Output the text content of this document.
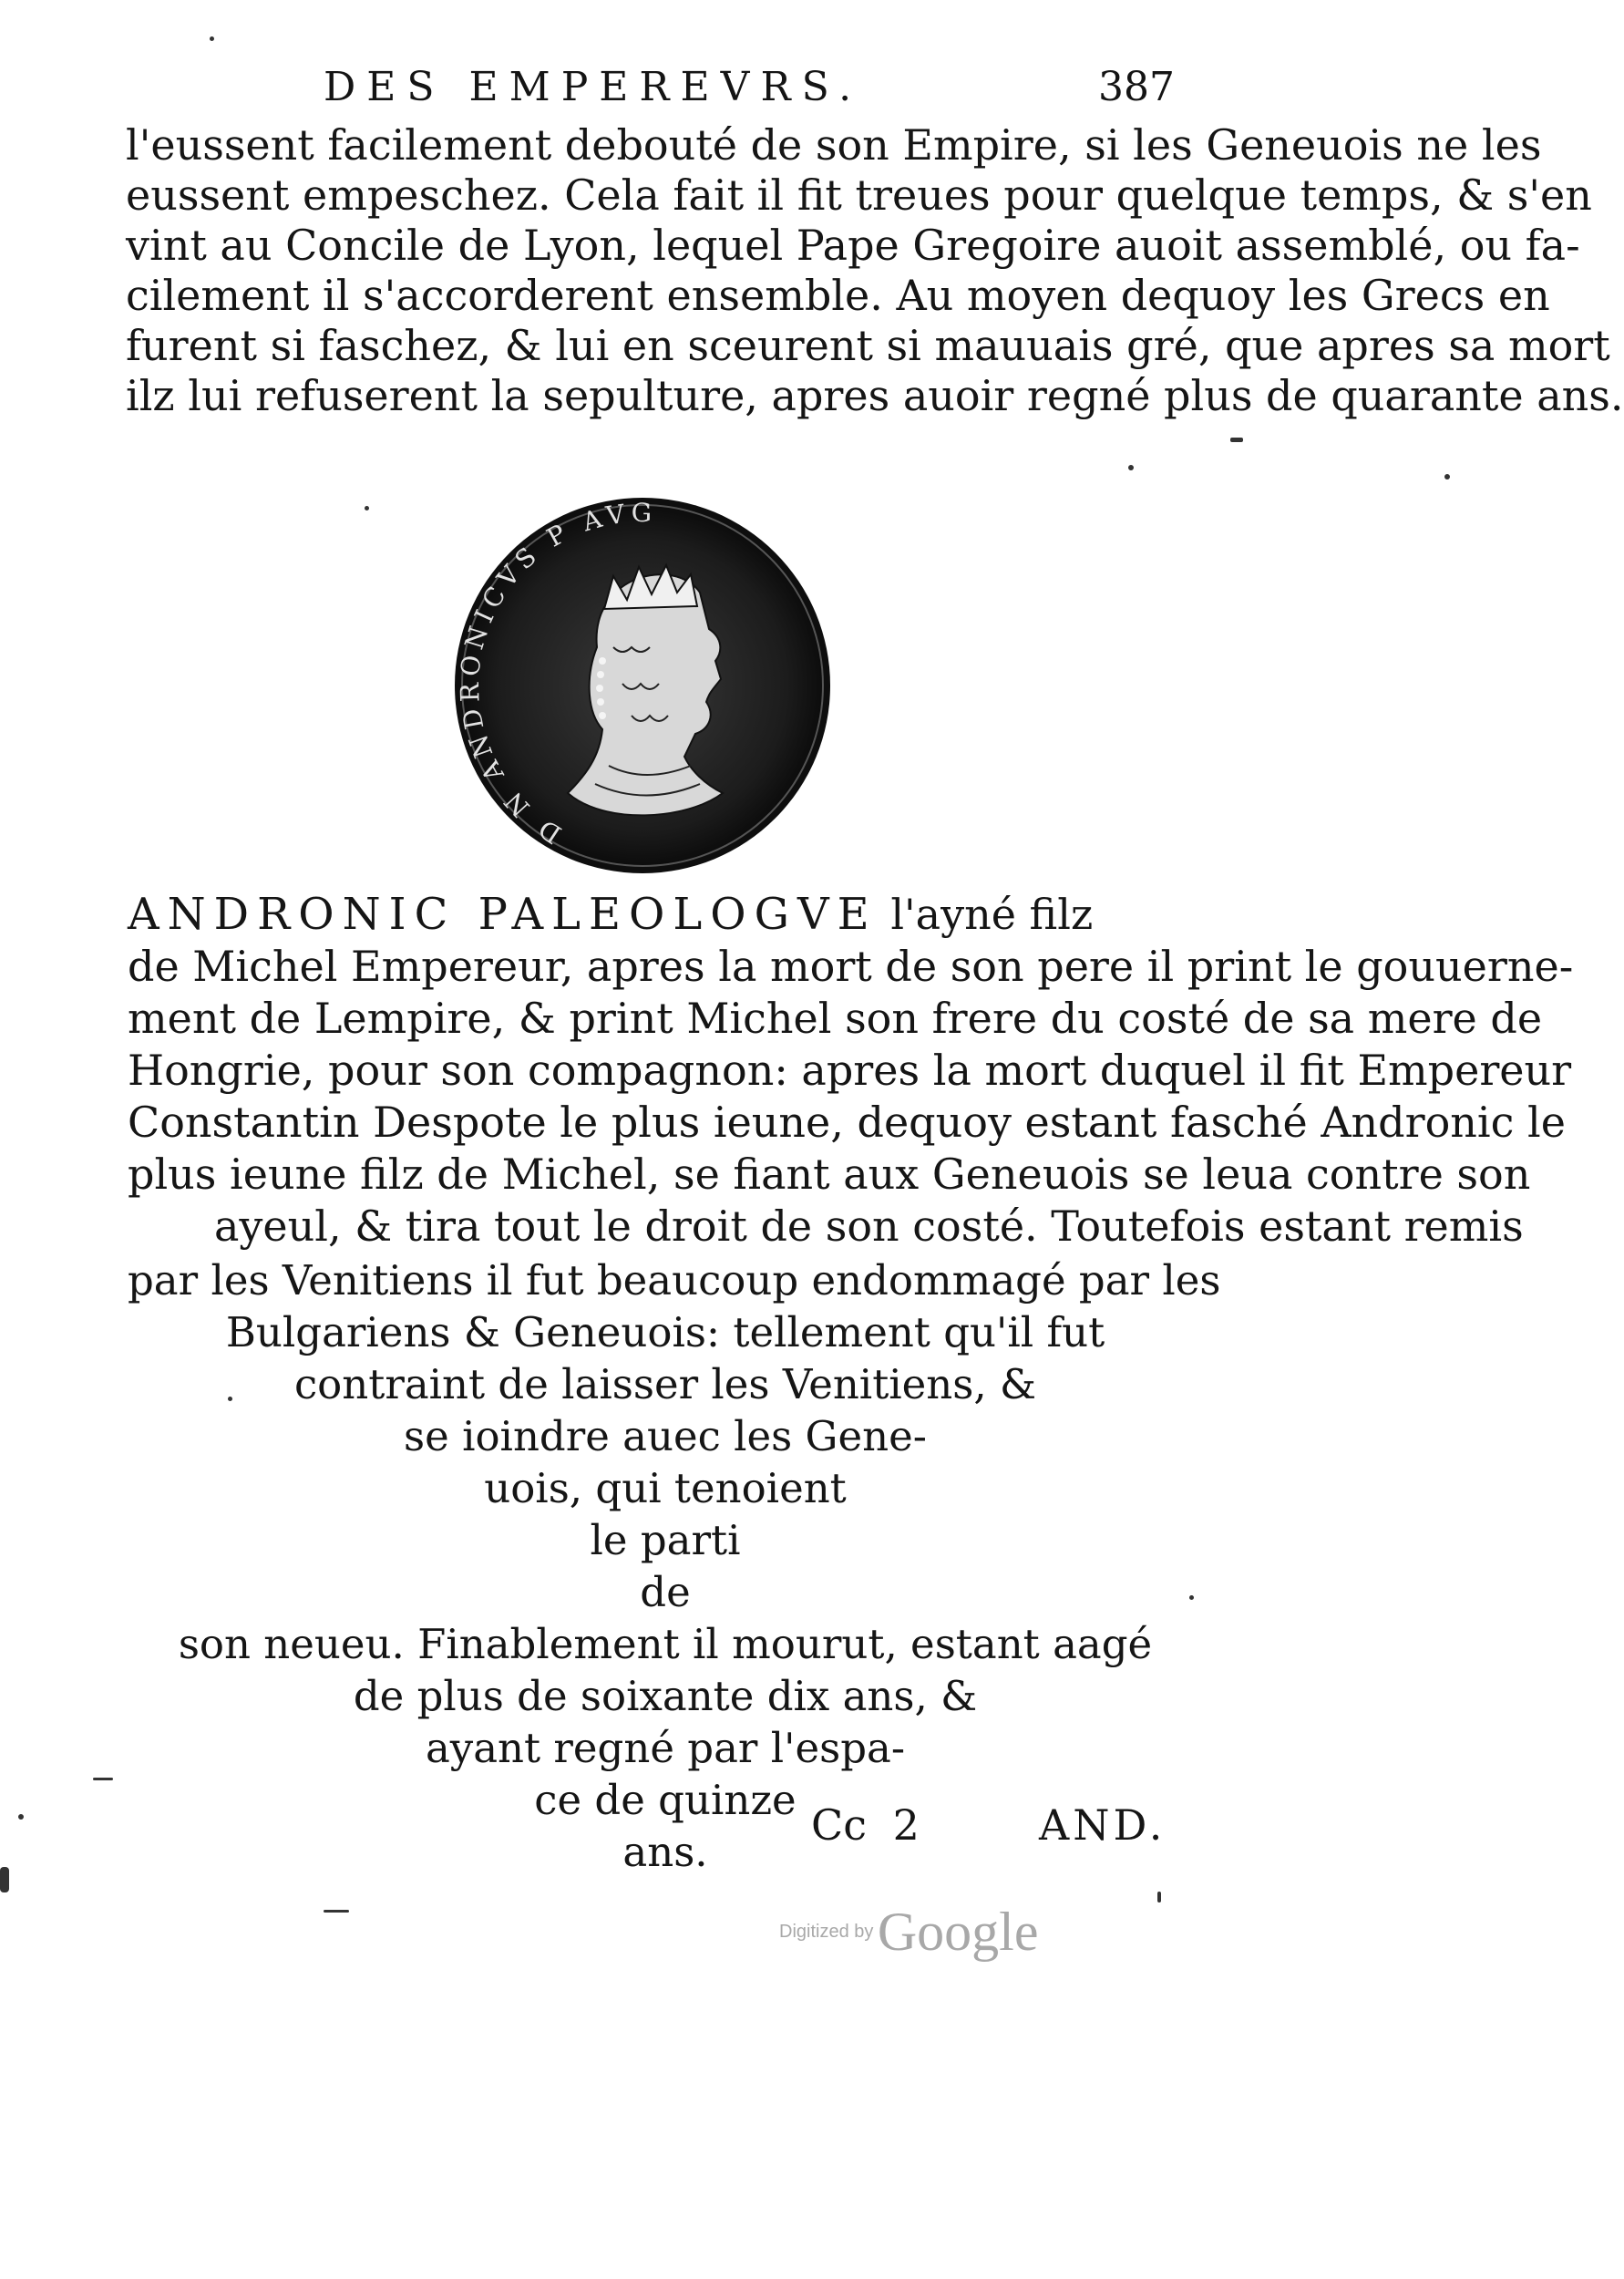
DES EMPEREVRS.	387
l'eussent facilement debouté de son Empire, si les Geneuois ne les
eussent empeschez. Cela fait il fit treues pour quelque temps, & s'en
vint au Concile de Lyon, lequel Pape Gregoire auoit assemblé, ou fa-
cilement il s'accorderent ensemble. Au moyen dequoy les Grecs en
furent si faschez, & lui en sceurent si mauuais gré, que apres sa mort
ilz lui refuserent la sepulture, apres auoir regné plus de quarante ans.
D N ANDRONICVS P AVG
ANDRONIC PALEOLOGVE l'ayné filz
de Michel Empereur, apres la mort de son pere il print le gouuerne-
ment de Lempire, & print Michel son frere du costé de sa mere de
Hongrie, pour son compagnon: apres la mort duquel il fit Empereur
Constantin Despote le plus ieune, dequoy estant fasché Andronic le
plus ieune filz de Michel, se fiant aux Geneuois se leua contre son
ayeul, & tira tout le droit de son costé. Toutefois estant remis
par les Venitiens il fut beaucoup endommagé par les
Bulgariens & Geneuois: tellement qu'il fut
contraint de laisser les Venitiens, &
se ioindre auec les Gene-
uois, qui tenoient
le parti
de
son neueu. Finablement il mourut, estant aagé
de plus de soixante dix ans, &
ayant regné par l'espa-
ce de quinze
ans.
Cc 2	AND.
Digitized by Google
